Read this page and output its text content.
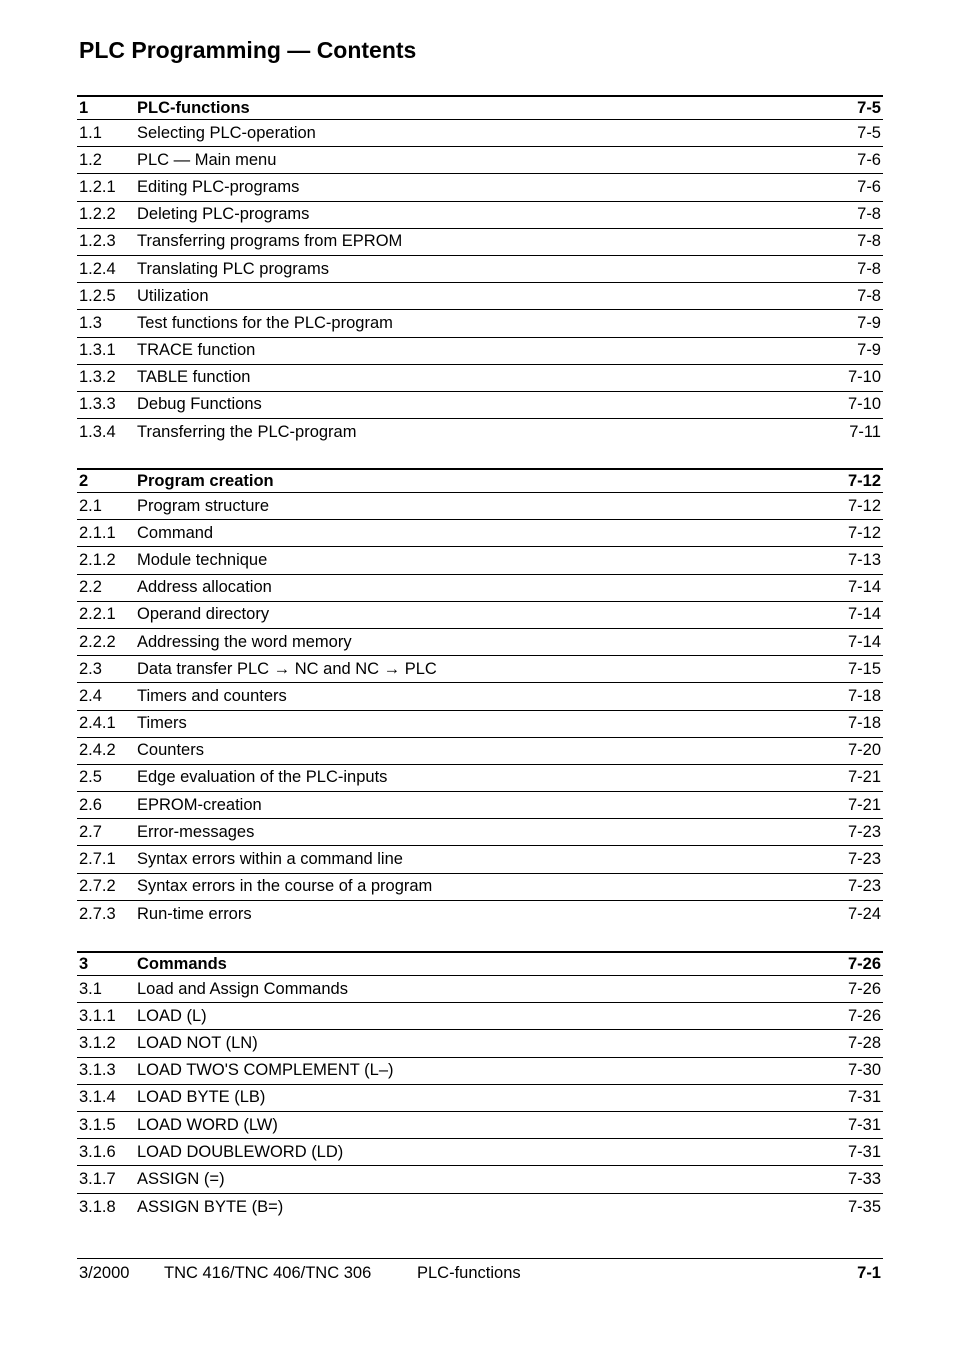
PLC Programming — Contents
1	PLC-functions	7-5
1.1	Selecting PLC-operation	7-5
1.2	PLC — Main menu	7-6
1.2.1	Editing PLC-programs	7-6
1.2.2	Deleting PLC-programs	7-8
1.2.3	Transferring programs from EPROM	7-8
1.2.4	Translating PLC programs	7-8
1.2.5	Utilization	7-8
1.3	Test functions for the PLC-program	7-9
1.3.1	TRACE function	7-9
1.3.2	TABLE function	7-10
1.3.3	Debug Functions	7-10
1.3.4	Transferring the PLC-program	7-11
2	Program creation	7-12
2.1	Program structure	7-12
2.1.1	Command	7-12
2.1.2	Module technique	7-13
2.2	Address allocation	7-14
2.2.1	Operand directory	7-14
2.2.2	Addressing the word memory	7-14
2.3	Data transfer PLC → NC and NC → PLC	7-15
2.4	Timers and counters	7-18
2.4.1	Timers	7-18
2.4.2	Counters	7-20
2.5	Edge evaluation of the PLC-inputs	7-21
2.6	EPROM-creation	7-21
2.7	Error-messages	7-23
2.7.1	Syntax errors within a command line	7-23
2.7.2	Syntax errors in the course of a program	7-23
2.7.3	Run-time errors	7-24
3	Commands	7-26
3.1	Load and Assign Commands	7-26
3.1.1	LOAD (L)	7-26
3.1.2	LOAD NOT (LN)	7-28
3.1.3	LOAD TWO'S COMPLEMENT (L–)	7-30
3.1.4	LOAD BYTE (LB)	7-31
3.1.5	LOAD WORD (LW)	7-31
3.1.6	LOAD DOUBLEWORD (LD)	7-31
3.1.7	ASSIGN (=)	7-33
3.1.8	ASSIGN BYTE (B=)	7-35
3/2000 TNC 416/TNC 406/TNC 306	PLC-functions	7-1
